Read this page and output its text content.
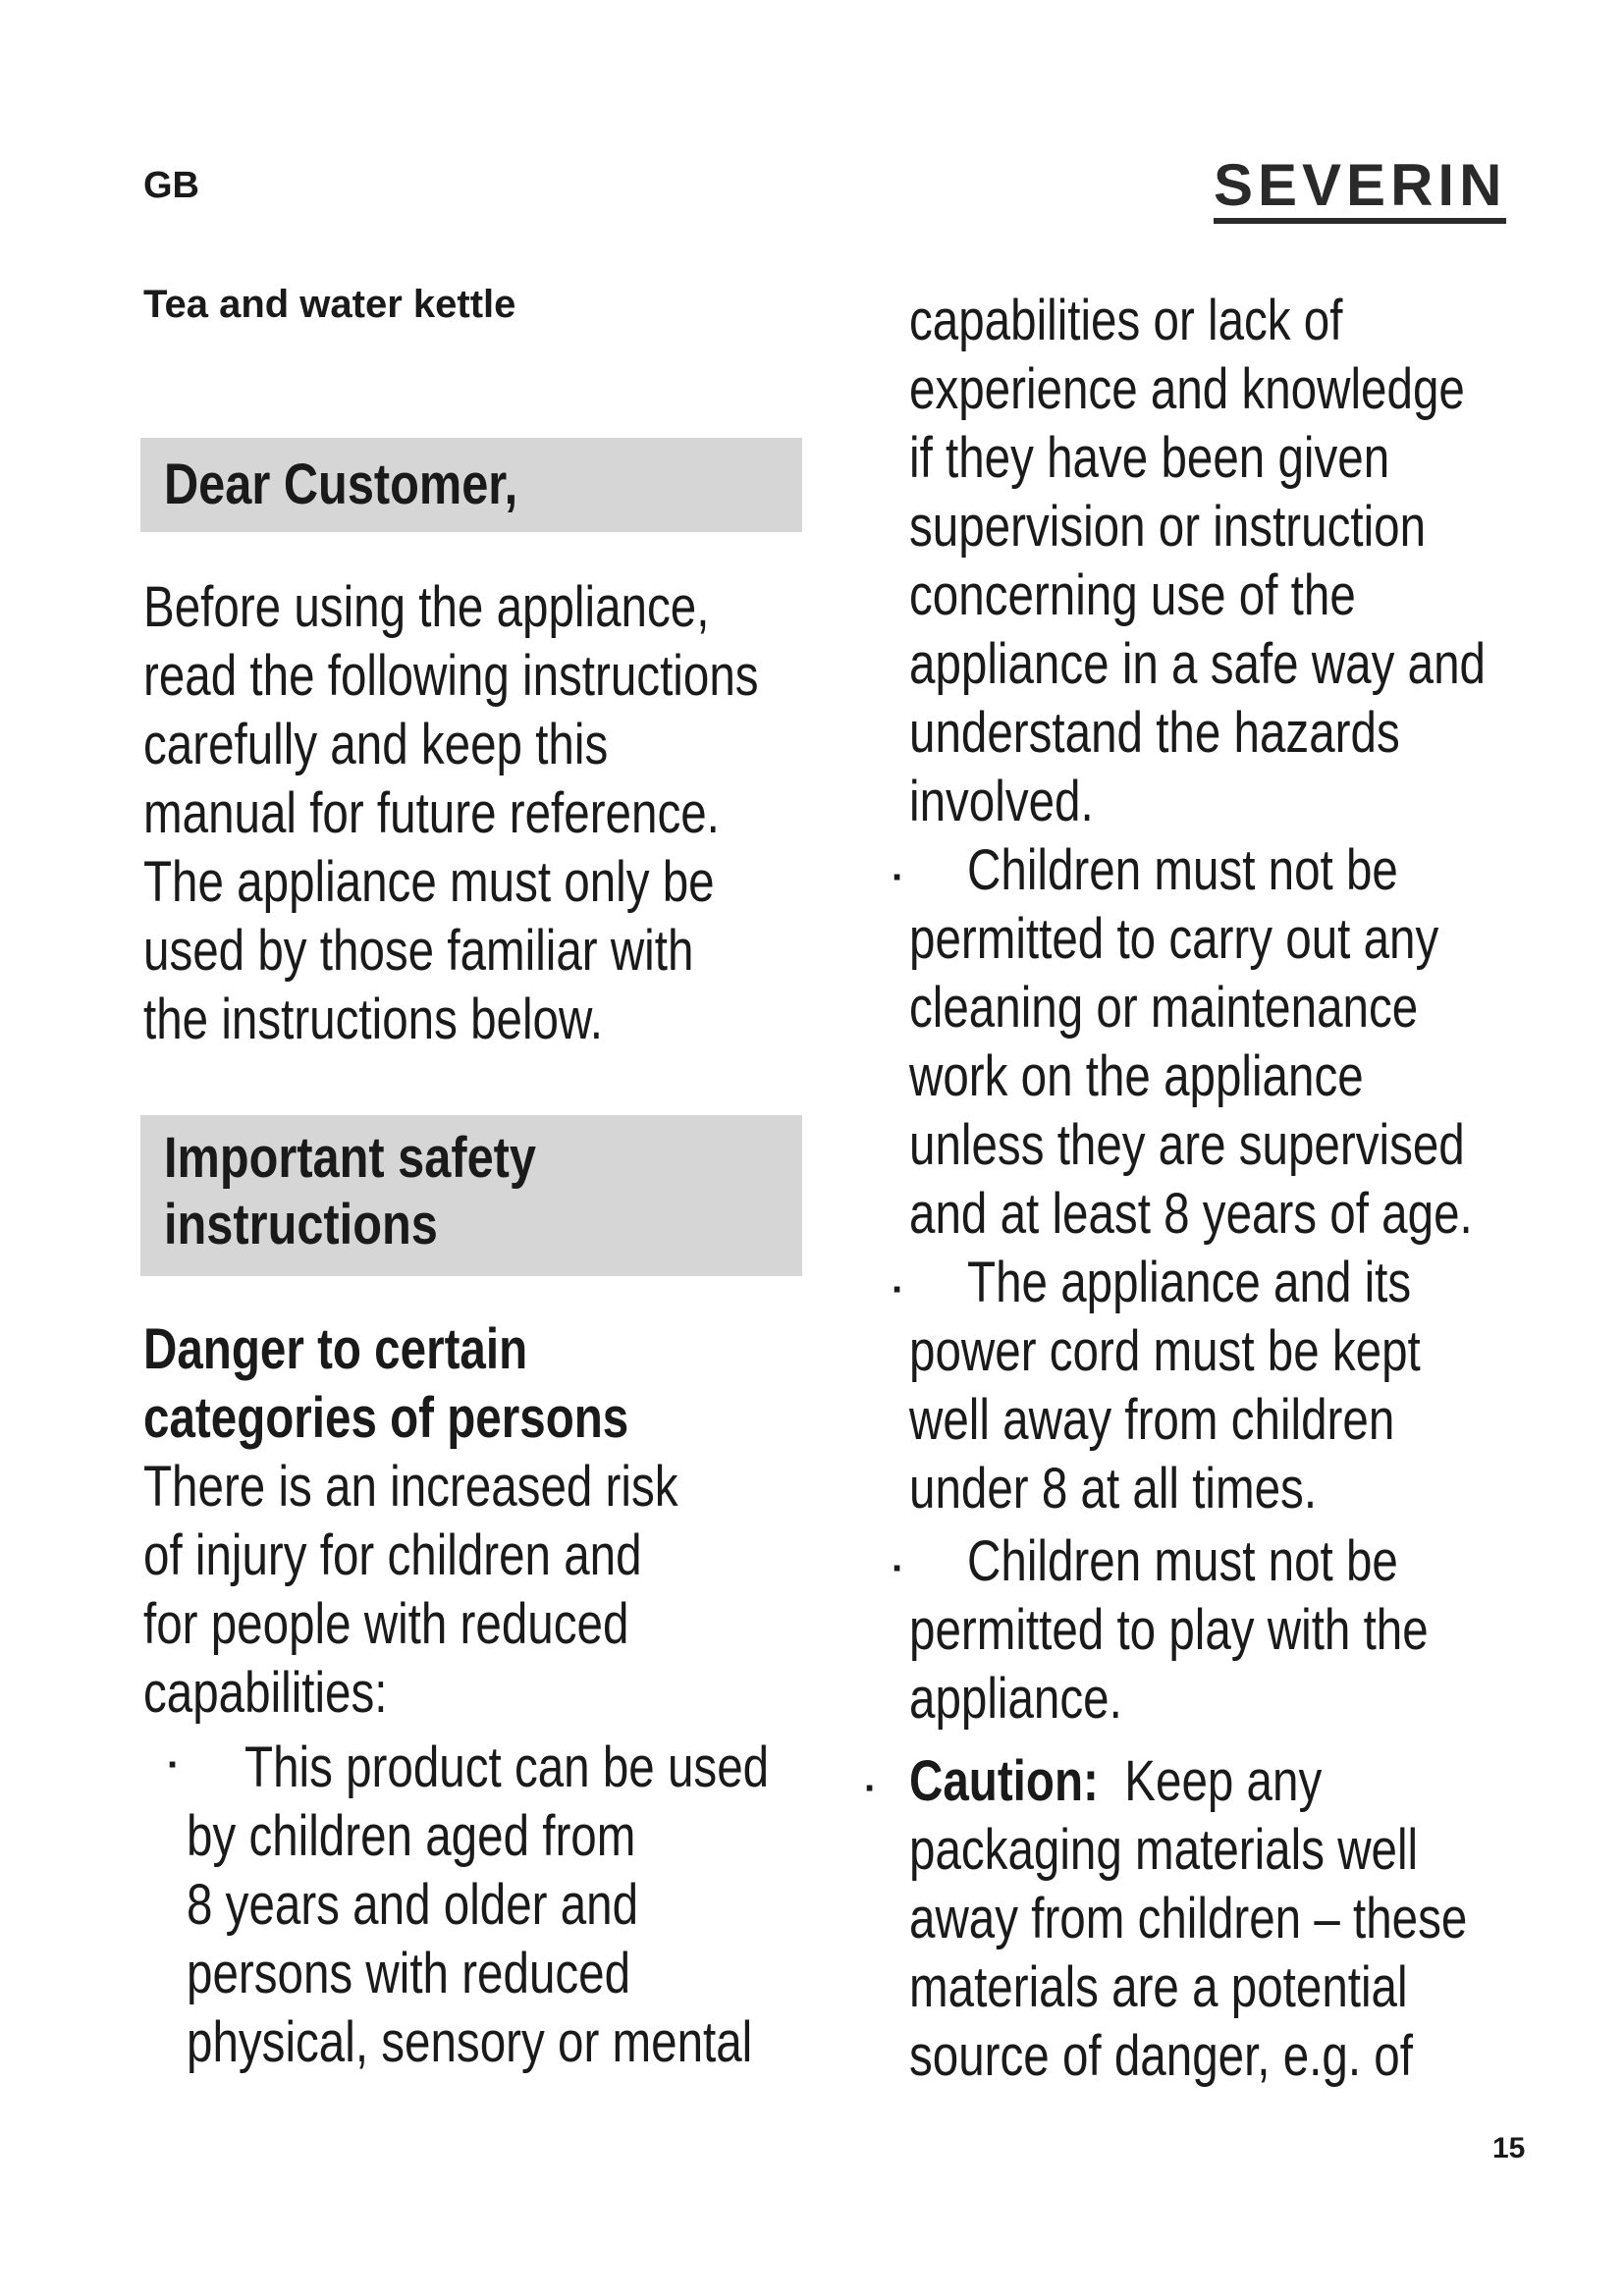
GB	SEVERIN
Tea and water kettle
Dear Customer,
Before using the appliance,
read the following instructions
carefully and keep this
manual for future reference.
The appliance must only be
used by those familiar with
the instructions below.
Important safety
instructions
Danger to certain
categories of persons
There is an increased risk
of injury for children and
for people with reduced
capabilities:
·	This product can be used
by children aged from
8 years and older and
persons with reduced
physical, sensory or mental
capabilities or lack of
experience and knowledge
if they have been given
supervision or instruction
concerning use of the
appliance in a safe way and
understand the hazards
involved.
·	Children must not be
permitted to carry out any
cleaning or maintenance
work on the appliance
unless they are supervised
and at least 8 years of age.
·	The appliance and its
power cord must be kept
well away from children
under 8 at all times.
·	Children must not be
permitted to play with the
appliance.
· Caution: Keep any
packaging materials well
away from children – these
materials are a potential
source of danger, e.g. of
15
